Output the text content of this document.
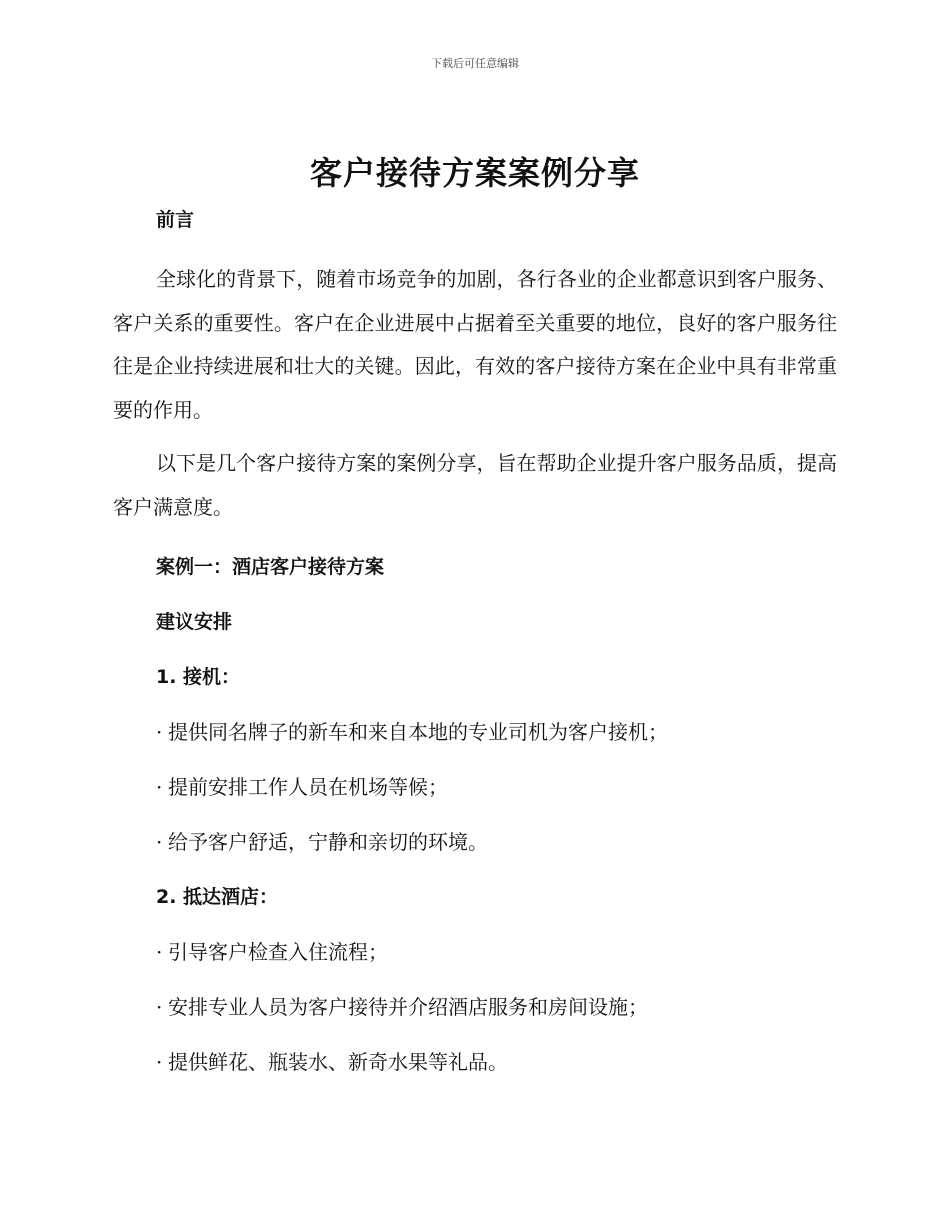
下载后可任意编辑
客户接待方案案例分享

前言

全球化的背景下，随着市场竞争的加剧，各行各业的企业都意识到客户服务、客户关系的重要性。客户在企业进展中占据着至关重要的地位，良好的客户服务往往是企业持续进展和壮大的关键。因此，有效的客户接待方案在企业中具有非常重要的作用。

以下是几个客户接待方案的案例分享，旨在帮助企业提升客户服务品质，提高客户满意度。

案例一：酒店客户接待方案

建议安排

1. 接机：

· 提供同名牌子的新车和来自本地的专业司机为客户接机；

· 提前安排工作人员在机场等候；

· 给予客户舒适，宁静和亲切的环境。

2. 抵达酒店：

· 引导客户检查入住流程；

· 安排专业人员为客户接待并介绍酒店服务和房间设施；

· 提供鲜花、瓶装水、新奇水果等礼品。
